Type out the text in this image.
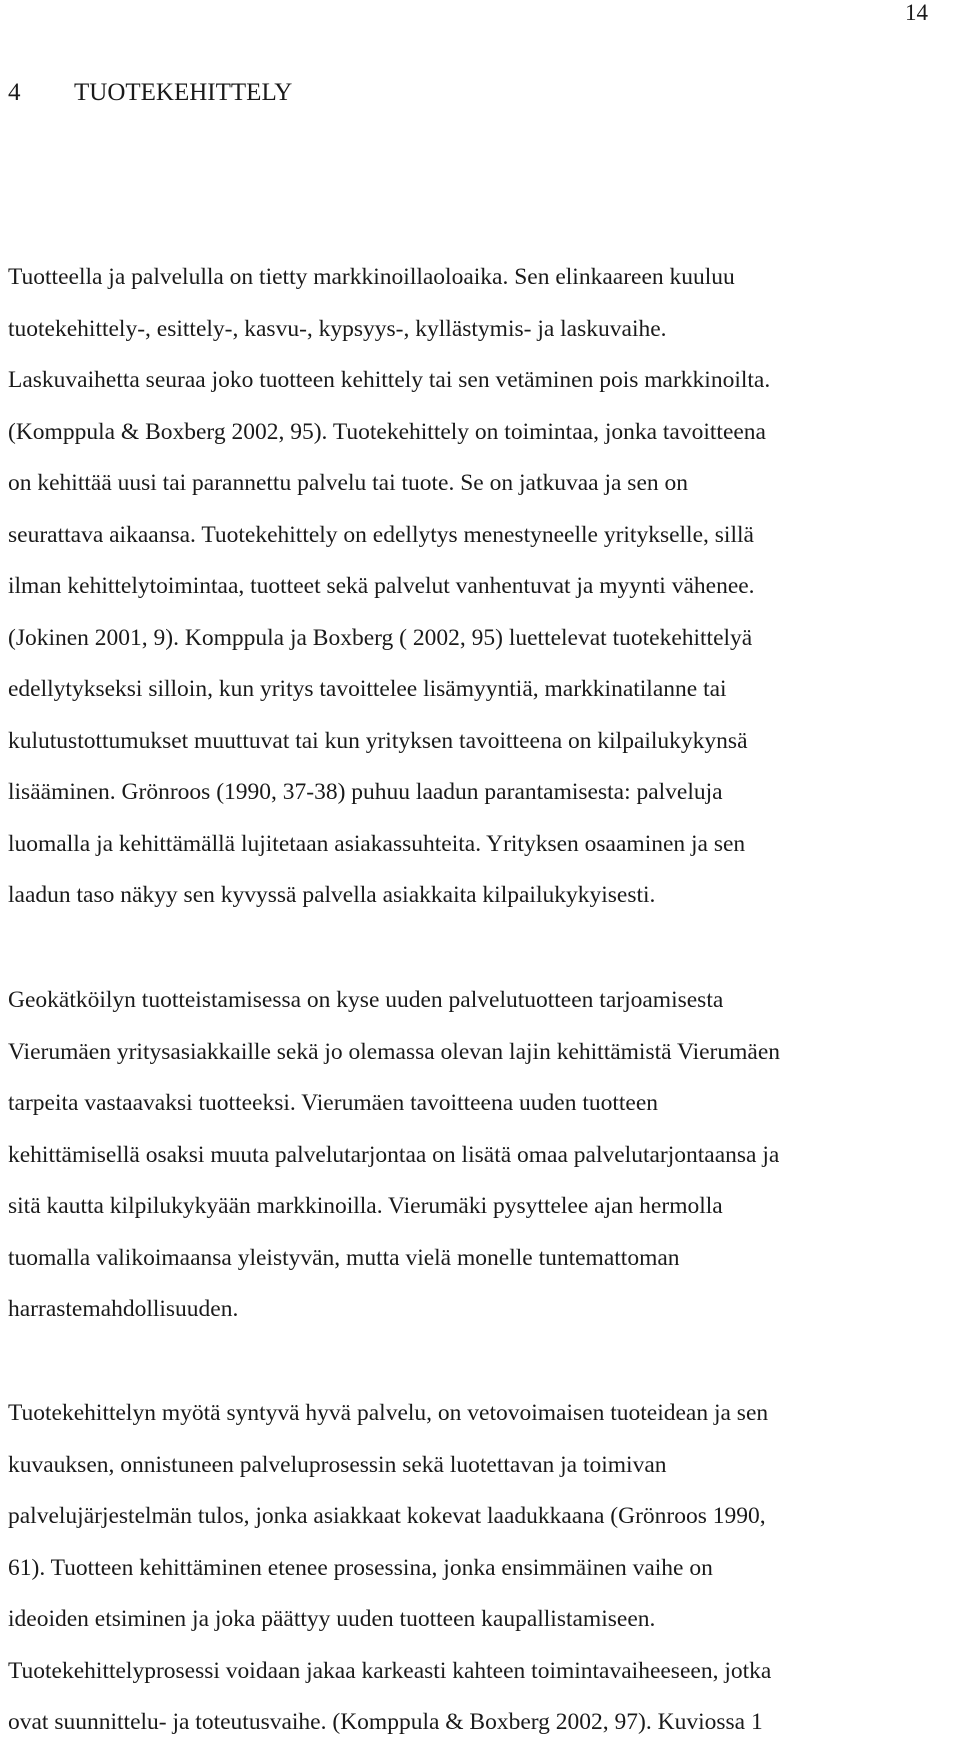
14
4 TUOTEKEHITTELY
Tuotteella ja palvelulla on tietty markkinoillaoloaika. Sen elinkaareen kuuluu
tuotekehittely-, esittely-, kasvu-, kypsyys-, kyllästymis- ja laskuvaihe.
Laskuvaihetta seuraa joko tuotteen kehittely tai sen vetäminen pois markkinoilta.
(Komppula & Boxberg 2002, 95). Tuotekehittely on toimintaa, jonka tavoitteena
on kehittää uusi tai parannettu palvelu tai tuote. Se on jatkuvaa ja sen on
seurattava aikaansa. Tuotekehittely on edellytys menestyneelle yritykselle, sillä
ilman kehittelytoimintaa, tuotteet sekä palvelut vanhentuvat ja myynti vähenee.
(Jokinen 2001, 9). Komppula ja Boxberg ( 2002, 95) luettelevat tuotekehittelyä
edellytykseksi silloin, kun yritys tavoittelee lisämyyntiä, markkinatilanne tai
kulutustottumukset muuttuvat tai kun yrityksen tavoitteena on kilpailukykynsä
lisääminen. Grönroos (1990, 37-38) puhuu laadun parantamisesta: palveluja
luomalla ja kehittämällä lujitetaan asiakassuhteita. Yrityksen osaaminen ja sen
laadun taso näkyy sen kyvyssä palvella asiakkaita kilpailukykyisesti.
Geokätköilyn tuotteistamisessa on kyse uuden palvelutuotteen tarjoamisesta
Vierumäen yritysasiakkaille sekä jo olemassa olevan lajin kehittämistä Vierumäen
tarpeita vastaavaksi tuotteeksi. Vierumäen tavoitteena uuden tuotteen
kehittämisellä osaksi muuta palvelutarjontaa on lisätä omaa palvelutarjontaansa ja
sitä kautta kilpilukykyään markkinoilla. Vierumäki pysyttelee ajan hermolla
tuomalla valikoimaansa yleistyvän, mutta vielä monelle tuntemattoman
harrastemahdollisuuden.
Tuotekehittelyn myötä syntyvä hyvä palvelu, on vetovoimaisen tuoteidean ja sen
kuvauksen, onnistuneen palveluprosessin sekä luotettavan ja toimivan
palvelujärjestelmän tulos, jonka asiakkaat kokevat laadukkaana (Grönroos 1990,
61). Tuotteen kehittäminen etenee prosessina, jonka ensimmäinen vaihe on
ideoiden etsiminen ja joka päättyy uuden tuotteen kaupallistamiseen.
Tuotekehittelyprosessi voidaan jakaa karkeasti kahteen toimintavaiheeseen, jotka
ovat suunnittelu- ja toteutusvaihe. (Komppula & Boxberg 2002, 97). Kuviossa 1
